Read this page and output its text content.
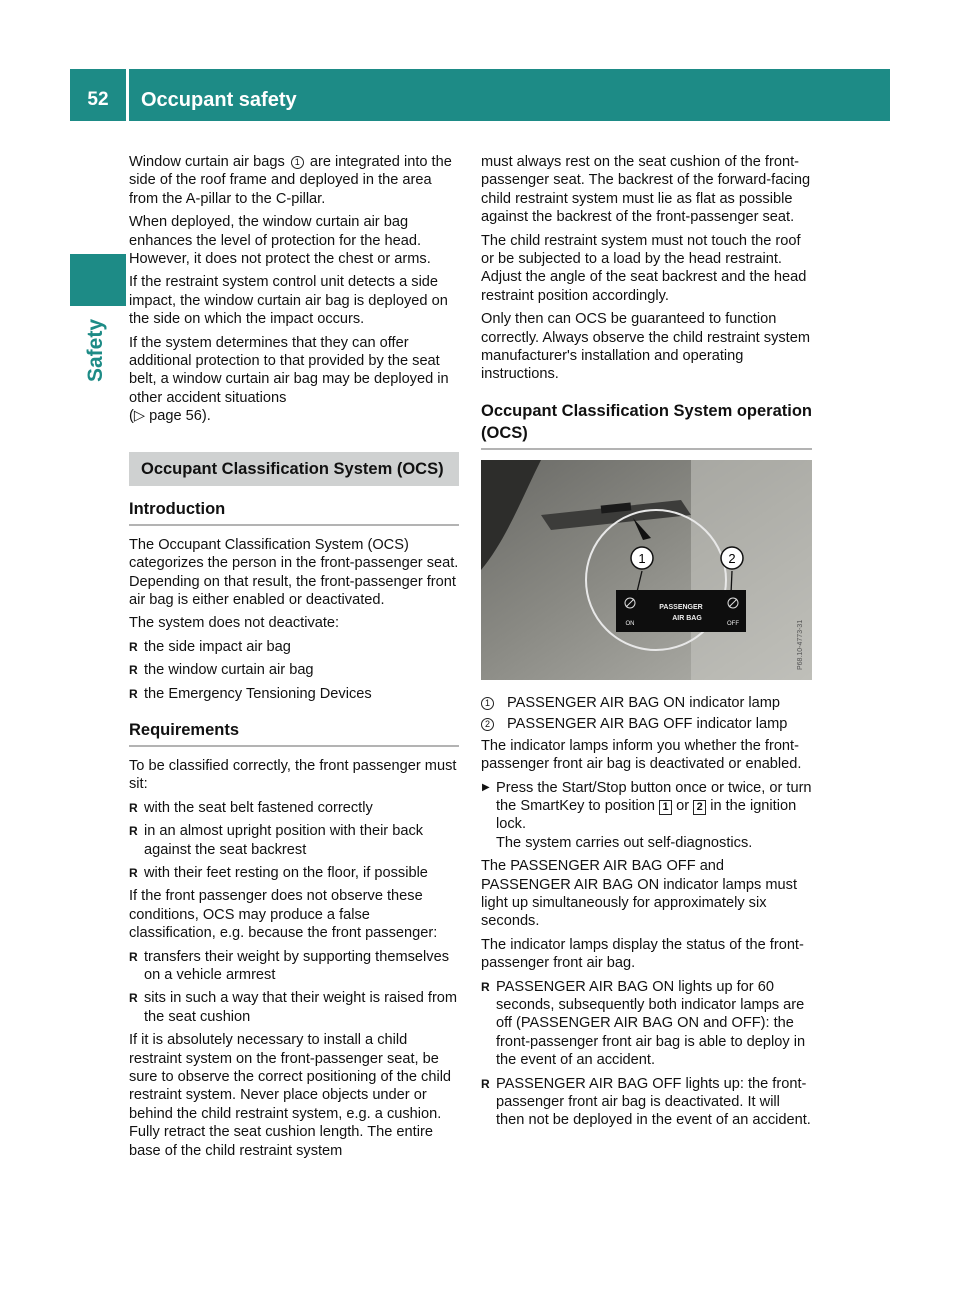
52	Occupant safety
Safety

Window curtain air bags 1 are integrated into the side of the roof frame and deployed in the area from the A-pillar to the C-pillar.

When deployed, the window curtain air bag enhances the level of protection for the head. However, it does not protect the chest or arms.

If the restraint system control unit detects a side impact, the window curtain air bag is deployed on the side on which the impact occurs.

If the system determines that they can offer additional protection to that provided by the seat belt, a window curtain air bag may be deployed in other accident situations
(▷ page 56).

Occupant Classification System (OCS)
Introduction

The Occupant Classification System (OCS) categorizes the person in the front-passenger seat. Depending on that result, the front-passenger front air bag is either enabled or deactivated.

The system does not deactivate:

R the side impact air bag
R the window curtain air bag
R the Emergency Tensioning Devices
Requirements

To be classified correctly, the front passenger must sit:

R with the seat belt fastened correctly
R in an almost upright position with their back against the seat backrest
R with their feet resting on the floor, if possible

If the front passenger does not observe these conditions, OCS may produce a false classification, e.g. because the front passenger:

R transfers their weight by supporting themselves on a vehicle armrest
R sits in such a way that their weight is raised from the seat cushion

If it is absolutely necessary to install a child restraint system on the front-passenger seat, be sure to observe the correct positioning of the child restraint system. Never place objects under or behind the child restraint system, e.g. a cushion. Fully retract the seat cushion length. The entire base of the child restraint system

must always rest on the seat cushion of the front-passenger seat. The backrest of the forward-facing child restraint system must lie as flat as possible against the backrest of the front-passenger seat.

The child restraint system must not touch the roof or be subjected to a load by the head restraint. Adjust the angle of the seat backrest and the head restraint position accordingly.

Only then can OCS be guaranteed to function correctly. Always observe the child restraint system manufacturer's installation and operating instructions.

Occupant Classification System operation (OCS)
PASSENGER
AIR BAG
ON	OFF
1	2
P68.10-4773-31
1 PASSENGER AIR BAG ON indicator lamp
2 PASSENGER AIR BAG OFF indicator lamp

The indicator lamps inform you whether the front-passenger front air bag is deactivated or enabled.

▶ Press the Start/Stop button once or twice, or turn the SmartKey to position 1 or 2 in the ignition lock.
The system carries out self-diagnostics.

The PASSENGER AIR BAG OFF and PASSENGER AIR BAG ON indicator lamps must light up simultaneously for approximately six seconds.

The indicator lamps display the status of the front-passenger front air bag.

R PASSENGER AIR BAG ON lights up for 60 seconds, subsequently both indicator lamps are off (PASSENGER AIR BAG ON and OFF): the front-passenger front air bag is able to deploy in the event of an accident.
R PASSENGER AIR BAG OFF lights up: the front-passenger front air bag is deactivated. It will then not be deployed in the event of an accident.
